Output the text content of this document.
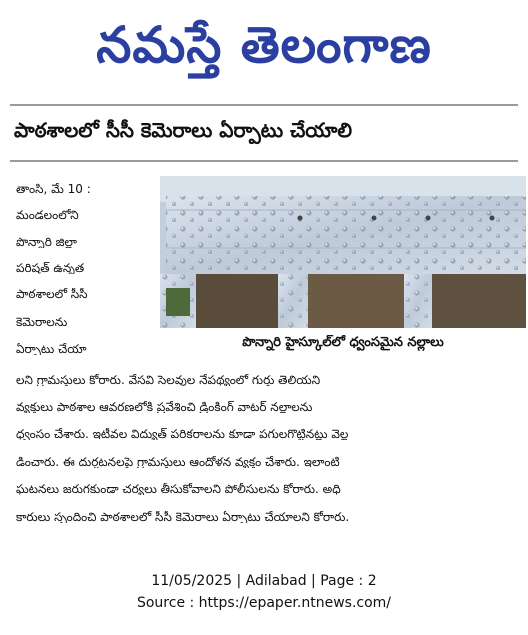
నమస్తే తెలంగాణ
పాఠశాలలో సీసీ కెమెరాలు ఏర్పాటు చేయాలి
తాంసి, మే 10 :
మండలంలోని
పొన్నారి జిల్లా
పరిషత్ ఉన్నత
పాఠశాలలో సీసీ
కెమెరాలను
ఏర్పాటు చేయా	పొన్నారి హైస్కూల్‌లో ధ్వంసమైన నల్లాలు
లని గ్రామస్తులు కోరారు. వేసవి సెలవుల నేపథ్యంలో గుర్తు తెలియని
వ్యక్తులు పాఠశాల ఆవరణలోకి ప్రవేశించి డ్రింకింగ్ వాటర్ నల్లాలను
ధ్వంసం చేశారు. ఇటీవల విద్యుత్ పరికరాలను కూడా పగులగొట్టినట్లు వెల్ల
డించారు. ఈ దుర్ఘటనలపై గ్రామస్తులు ఆందోళన వ్యక్తం చేశారు. ఇలాంటి
ఘటనలు జరుగకుండా చర్యలు తీసుకోవాలని పోలీసులను కోరారు. అధి
కారులు స్పందించి పాఠశాలలో సీసీ కెమెరాలు ఏర్పాటు చేయాలని కోరారు.
11/05/2025 | Adilabad | Page : 2
Source : https://epaper.ntnews.com/
